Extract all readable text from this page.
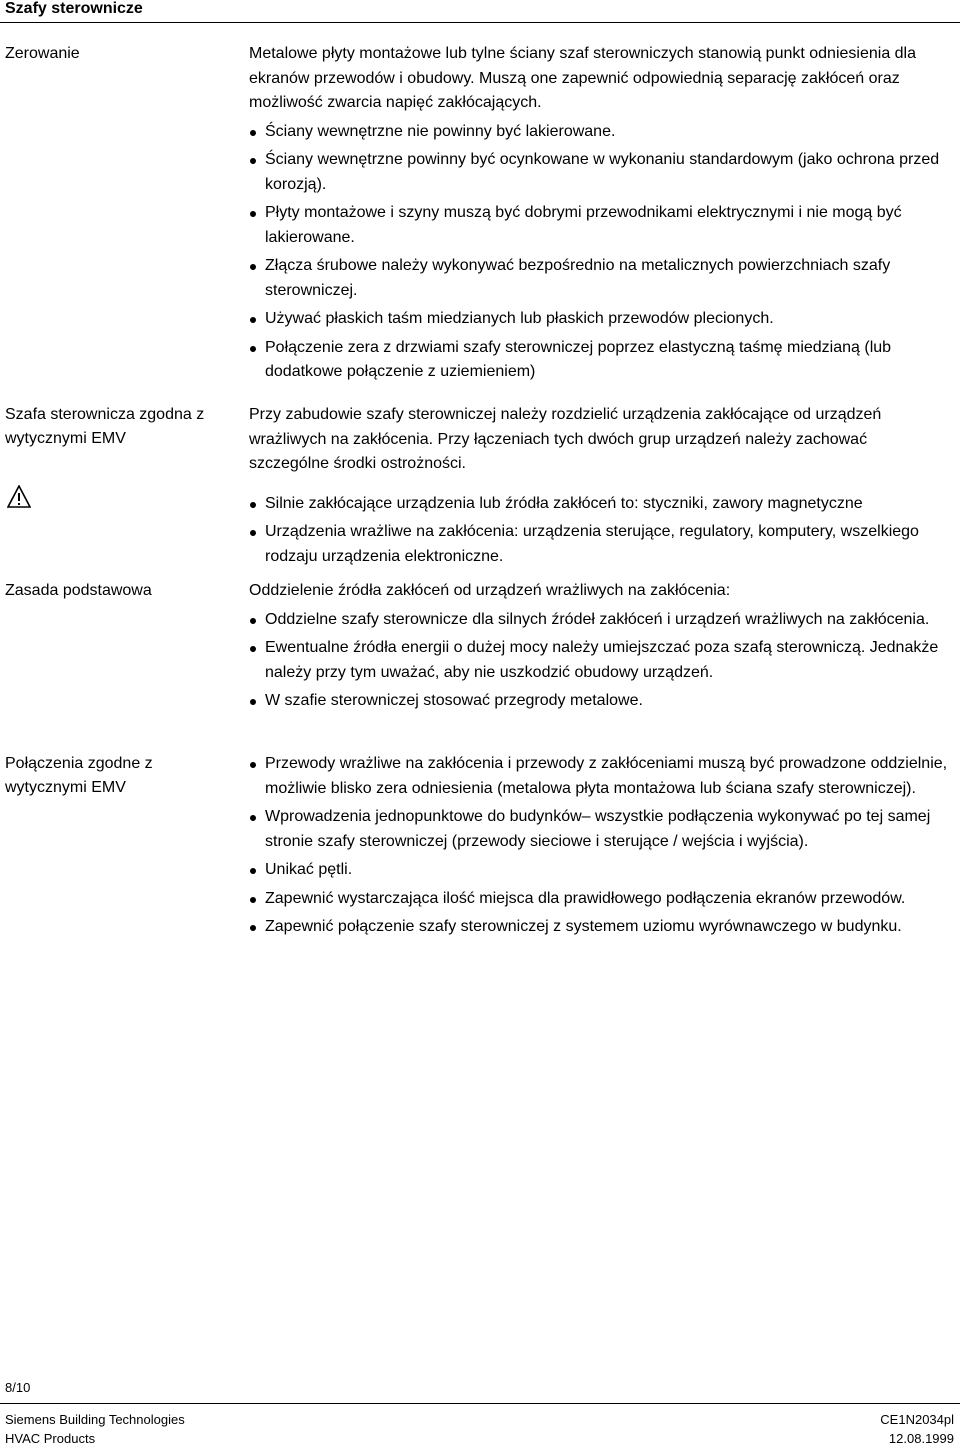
Szafy sterownicze
Zerowanie	Metalowe płyty montażowe lub tylne ściany szaf sterowniczych stanowią punkt odniesienia dla ekranów przewodów i obudowy. Muszą one zapewnić odpowiednią separację zakłóceń oraz możliwość zwarcia napięć zakłócających.

Ściany wewnętrzne nie powinny być lakierowane.
Ściany wewnętrzne powinny być ocynkowane w wykonaniu standardowym (jako ochrona przed korozją).
Płyty montażowe i szyny muszą być dobrymi przewodnikami elektrycznymi i nie mogą być lakierowane.
Złącza śrubowe należy wykonywać bezpośrednio na metalicznych powierzchniach szafy sterowniczej.
Używać płaskich taśm miedzianych lub płaskich przewodów plecionych.
Połączenie zera z drzwiami szafy sterowniczej poprzez elastyczną taśmę miedzianą (lub dodatkowe połączenie z uziemieniem)
Szafa sterownicza zgodna z wytycznymi EMV

Przy zabudowie szafy sterowniczej należy rozdzielić urządzenia zakłócające od urządzeń wrażliwych na zakłócenia. Przy łączeniach tych dwóch grup urządzeń należy zachować szczególne środki ostrożności.

Silnie zakłócające urządzenia lub źródła zakłóceń to: styczniki, zawory magnetyczne
Urządzenia wrażliwe na zakłócenia: urządzenia sterujące, regulatory, komputery, wszelkiego rodzaju urządzenia elektroniczne.
Zasada podstawowa	Oddzielenie źródła zakłóceń od urządzeń wrażliwych na zakłócenia:

Oddzielne szafy sterownicze dla silnych źródeł zakłóceń i urządzeń wrażliwych na zakłócenia.
Ewentualne źródła energii o dużej mocy należy umiejszczać poza szafą sterowniczą. Jednakże należy przy tym uważać, aby nie uszkodzić obudowy urządzeń.
W szafie sterowniczej stosować przegrody metalowe.
Połączenia zgodne z wytycznymi EMV
Przewody wrażliwe na zakłócenia i przewody z zakłóceniami muszą być prowadzone oddzielnie, możliwie blisko zera odniesienia (metalowa płyta montażowa lub ściana szafy sterowniczej).
Wprowadzenia jednopunktowe do budynków– wszystkie podłączenia wykonywać po tej samej stronie szafy sterowniczej (przewody sieciowe i sterujące / wejścia i wyjścia).
Unikać pętli.
Zapewnić wystarczająca ilość miejsca dla prawidłowego podłączenia ekranów przewodów.
Zapewnić połączenie szafy sterowniczej z systemem uziomu wyrównawczego w budynku.
8/10
Siemens Building Technologies
HVAC Products
CE1N2034pl
12.08.1999
